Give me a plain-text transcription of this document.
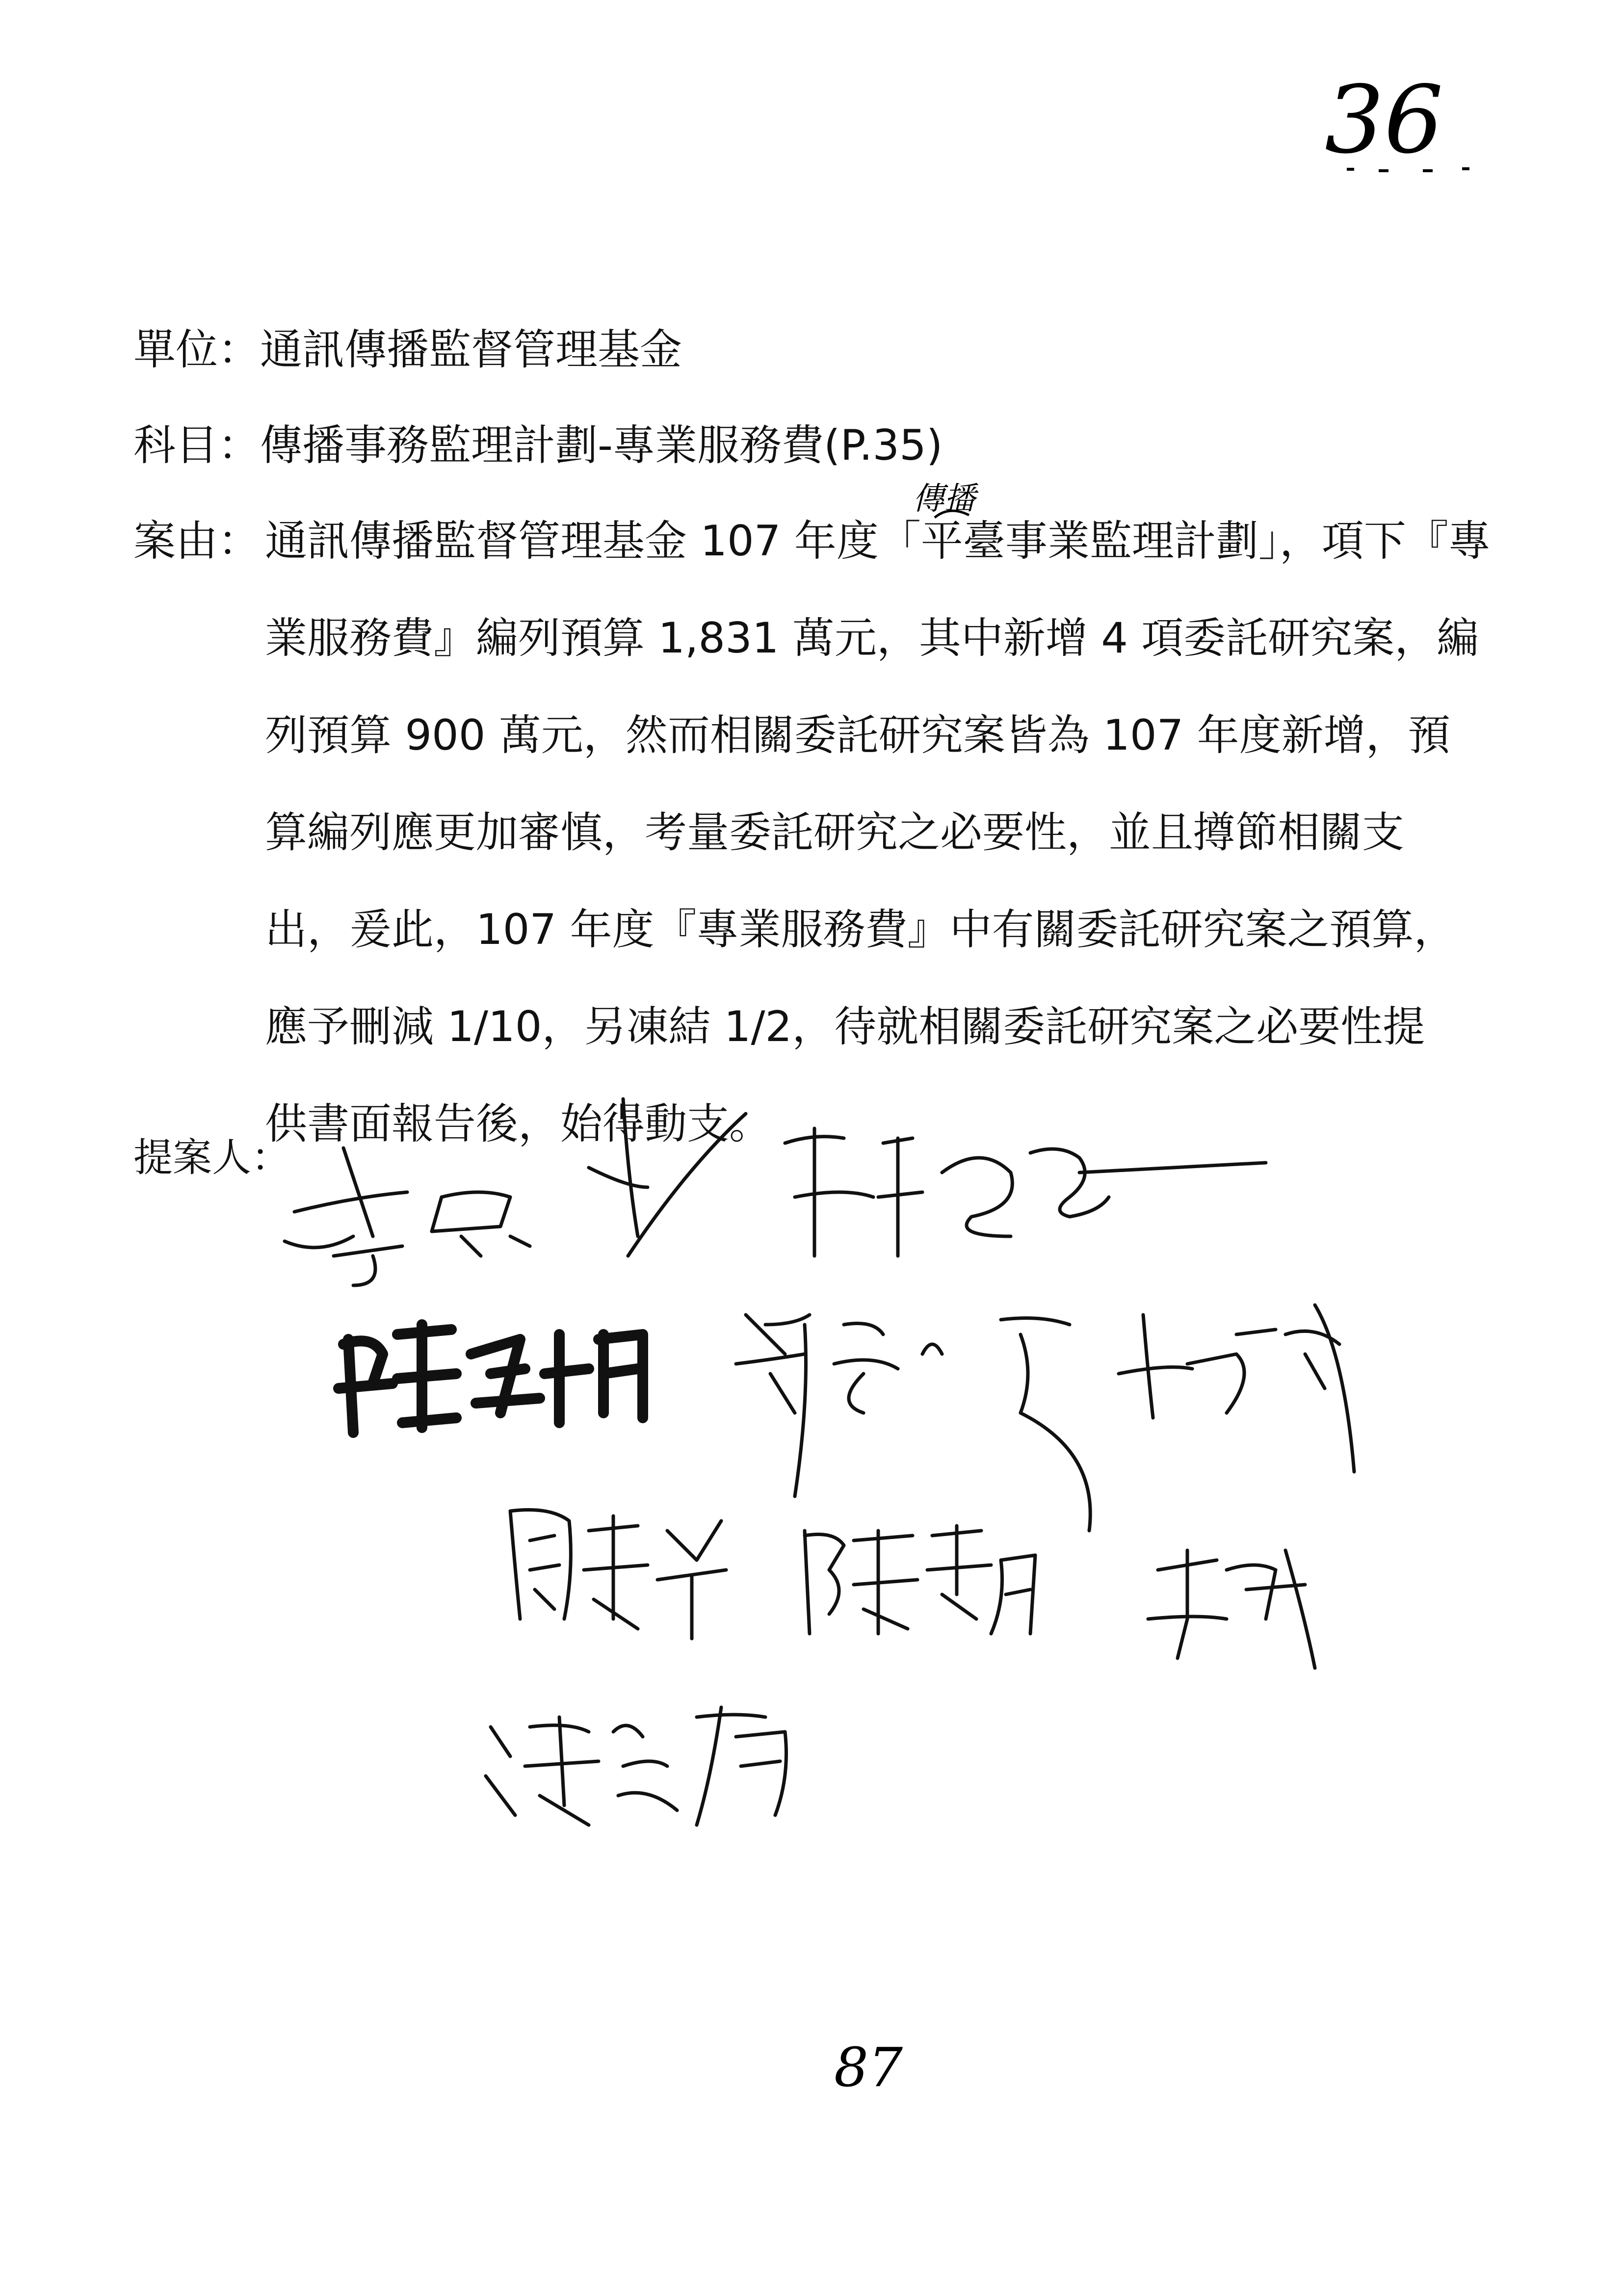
36
單位：通訊傳播監督管理基金
科目：傳播事務監理計劃-專業服務費(P.35)
案由：
傳播
通訊傳播監督管理基金 107 年度「平臺事業監理計劃」，項下『專
業服務費』編列預算 1,831 萬元，其中新增 4 項委託研究案，編
列預算 900 萬元，然而相關委託研究案皆為 107 年度新增，預
算編列應更加審慎，考量委託研究之必要性，並且撙節相關支
出，爰此，107 年度『專業服務費』中有關委託研究案之預算，
應予刪減 1/10，另凍結 1/2，待就相關委託研究案之必要性提
供書面報告後，始得動支。
提案人：
87
